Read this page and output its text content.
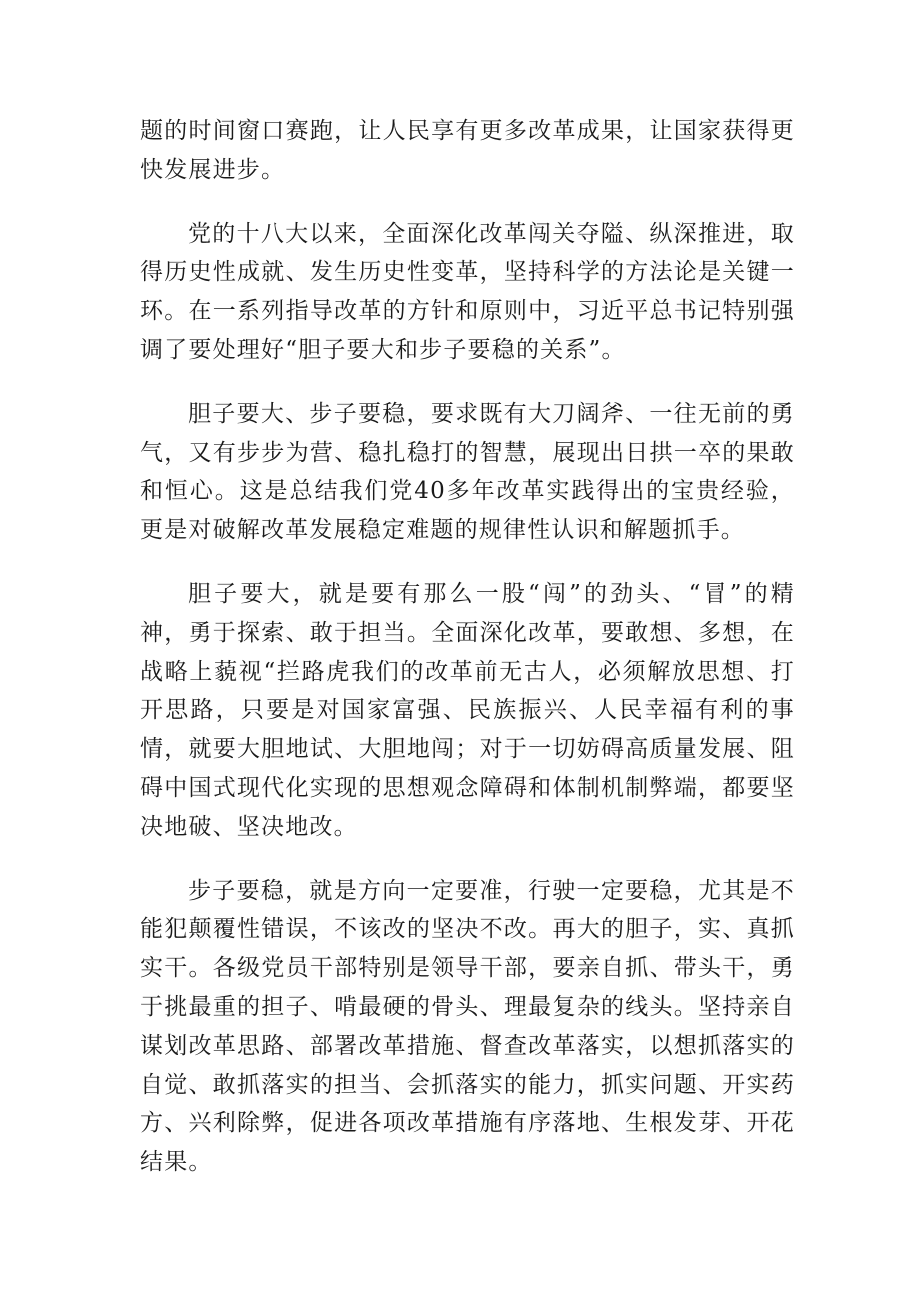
题的时间窗口赛跑，让人民享有更多改革成果，让国家获得更快发展进步。

党的十八大以来，全面深化改革闯关夺隘、纵深推进，取得历史性成就、发生历史性变革，坚持科学的方法论是关键一环。在一系列指导改革的方针和原则中，习近平总书记特别强调了要处理好“胆子要大和步子要稳的关系”。

胆子要大、步子要稳，要求既有大刀阔斧、一往无前的勇气，又有步步为营、稳扎稳打的智慧，展现出日拱一卒的果敢和恒心。这是总结我们党40多年改革实践得出的宝贵经验，更是对破解改革发展稳定难题的规律性认识和解题抓手。

胆子要大，就是要有那么一股“闯”的劲头、“冒”的精神，勇于探索、敢于担当。全面深化改革，要敢想、多想，在战略上藐视“拦路虎我们的改革前无古人，必须解放思想、打开思路，只要是对国家富强、民族振兴、人民幸福有利的事情，就要大胆地试、大胆地闯；对于一切妨碍高质量发展、阻碍中国式现代化实现的思想观念障碍和体制机制弊端，都要坚决地破、坚决地改。

步子要稳，就是方向一定要准，行驶一定要稳，尤其是不能犯颠覆性错误，不该改的坚决不改。再大的胆子，实、真抓实干。各级党员干部特别是领导干部，要亲自抓、带头干，勇于挑最重的担子、啃最硬的骨头、理最复杂的线头。坚持亲自谋划改革思路、部署改革措施、督查改革落实，以想抓落实的自觉、敢抓落实的担当、会抓落实的能力，抓实问题、开实药方、兴利除弊，促进各项改革措施有序落地、生根发芽、开花结果。
